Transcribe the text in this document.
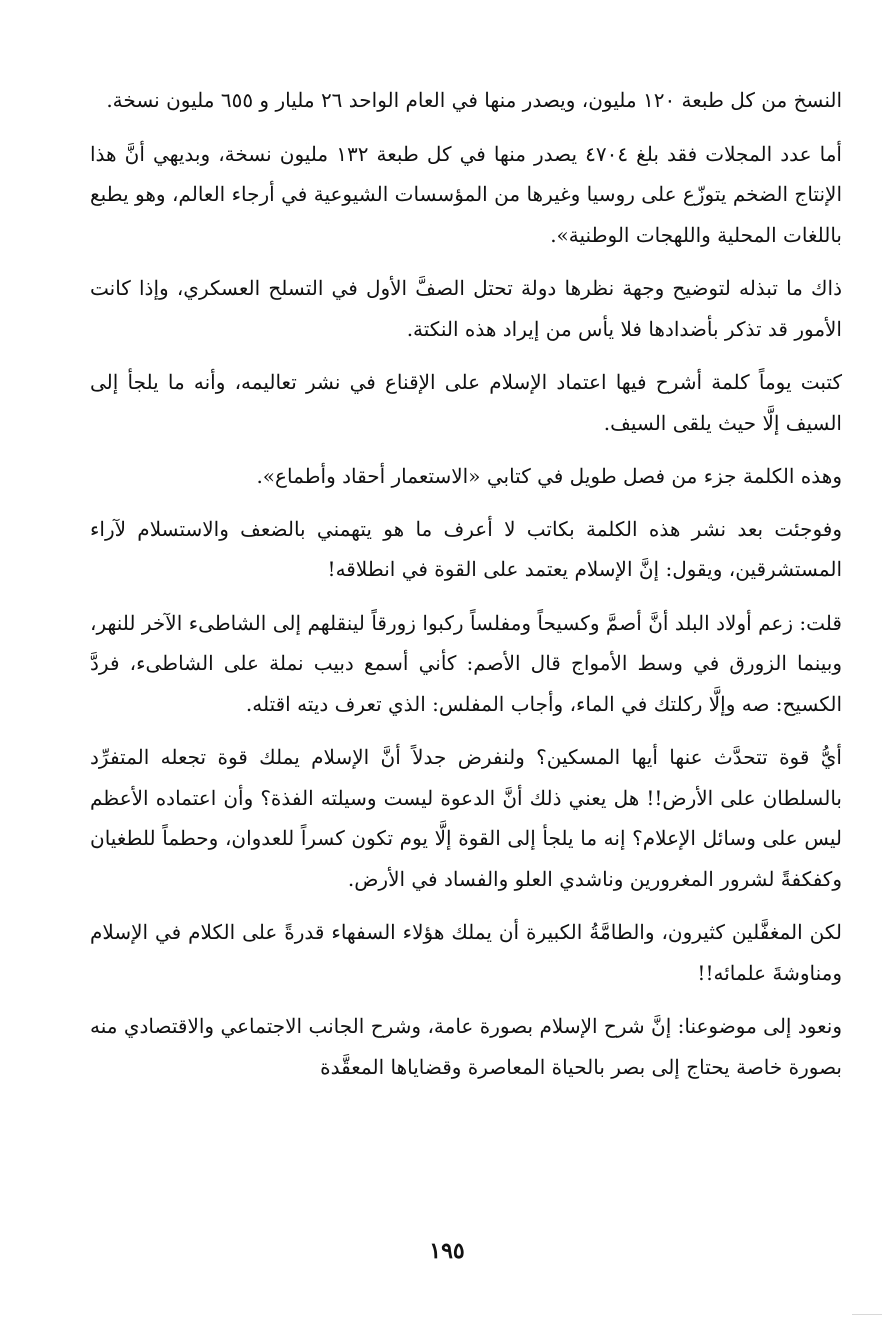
النسخ من كل طبعة ١٢٠ مليون، ويصدر منها في العام الواحد ٢٦ مليار و ٦٥٥ مليون نسخة.

أما عدد المجلات فقد بلغ ٤٧٠٤ يصدر منها في كل طبعة ١٣٢ مليون نسخة، وبديهي أنَّ هذا الإنتاج الضخم يتوزّع على روسيا وغيرها من المؤسسات الشيوعية في أرجاء العالم، وهو يطبع باللغات المحلية واللهجات الوطنية».

ذاك ما تبذله لتوضيح وجهة نظرها دولة تحتل الصفَّ الأول في التسلح العسكري، وإذا كانت الأمور قد تذكر بأضدادها فلا يأس من إيراد هذه النكتة.

كتبت يوماً كلمة أشرح فيها اعتماد الإسلام على الإقناع في نشر تعاليمه، وأنه ما يلجأ إلى السيف إلَّا حيث يلقى السيف.

وهذه الكلمة جزء من فصل طويل في كتابي «الاستعمار أحقاد وأطماع».

وفوجئت بعد نشر هذه الكلمة بكاتب لا أعرف ما هو يتهمني بالضعف والاستسلام لآراء المستشرقين، ويقول: إنَّ الإسلام يعتمد على القوة في انطلاقه!

قلت: زعم أولاد البلد أنَّ أصمَّ وكسيحاً ومفلساً ركبوا زورقاً لينقلهم إلى الشاطىء الآخر للنهر، وبينما الزورق في وسط الأمواج قال الأصم: كأني أسمع دبيب نملة على الشاطىء، فردَّ الكسيح: صه وإلَّا ركلتك في الماء، وأجاب المفلس: الذي تعرف ديته اقتله.

أيُّ قوة تتحدَّث عنها أيها المسكين؟ ولنفرض جدلاً أنَّ الإسلام يملك قوة تجعله المتفرِّد بالسلطان على الأرض!! هل يعني ذلك أنَّ الدعوة ليست وسيلته الفذة؟ وأن اعتماده الأعظم ليس على وسائل الإعلام؟ إنه ما يلجأ إلى القوة إلَّا يوم تكون كسراً للعدوان، وحطماً للطغيان وكفكفةً لشرور المغرورين وناشدي العلو والفساد في الأرض.

لكن المغفَّلين كثيرون، والطامَّةُ الكبيرة أن يملك هؤلاء السفهاء قدرةً على الكلام في الإسلام ومناوشةَ علمائه!!

ونعود إلى موضوعنا: إنَّ شرح الإسلام بصورة عامة، وشرح الجانب الاجتماعي والاقتصادي منه بصورة خاصة يحتاج إلى بصر بالحياة المعاصرة وقضاياها المعقَّدة

١٩٥
